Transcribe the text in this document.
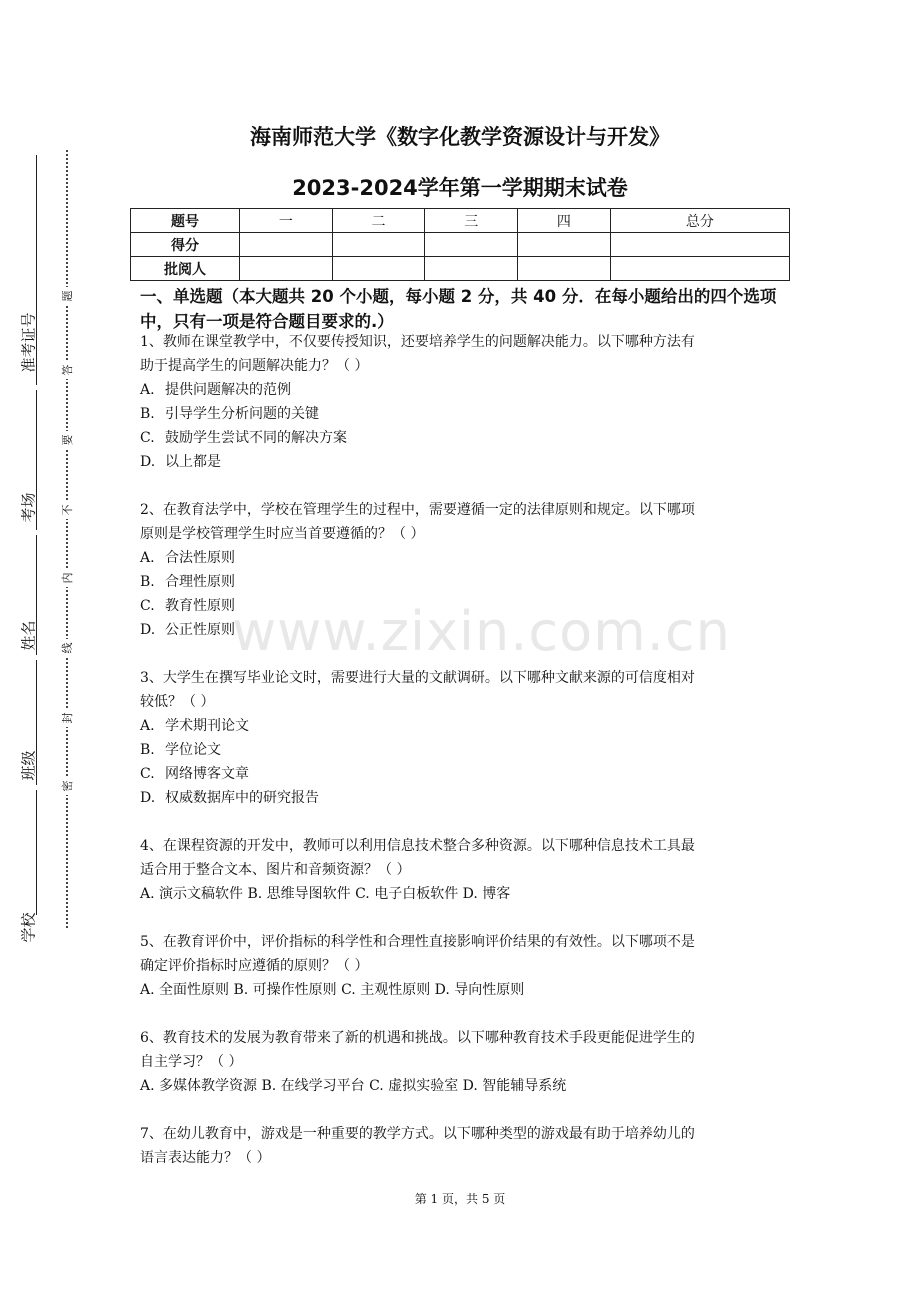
准考证号
考场
姓名
班级
学校
题
答
要
不
内
线
封
密
海南师范大学《数字化教学资源设计与开发》
2023-2024学年第一学期期末试卷
题号	一	二	三	四	总分
得分					
批阅人					
一、单选题（本大题共 20 个小题，每小题 2 分，共 40 分．在每小题给出的四个选项中，只有一项是符合题目要求的.）

1、教师在课堂教学中，不仅要传授知识，还要培养学生的问题解决能力。以下哪种方法有

助于提高学生的问题解决能力？（ ）

A. 提供问题解决的范例

B. 引导学生分析问题的关键

C. 鼓励学生尝试不同的解决方案

D. 以上都是

2、在教育法学中，学校在管理学生的过程中，需要遵循一定的法律原则和规定。以下哪项

原则是学校管理学生时应当首要遵循的？（ ）

A. 合法性原则

B. 合理性原则

C. 教育性原则

D. 公正性原则

3、大学生在撰写毕业论文时，需要进行大量的文献调研。以下哪种文献来源的可信度相对

较低？（ ）

A. 学术期刊论文

B. 学位论文

C. 网络博客文章

D. 权威数据库中的研究报告

4、在课程资源的开发中，教师可以利用信息技术整合多种资源。以下哪种信息技术工具最

适合用于整合文本、图片和音频资源？（ ）

A. 演示文稿软件 B. 思维导图软件 C. 电子白板软件 D. 博客

5、在教育评价中，评价指标的科学性和合理性直接影响评价结果的有效性。以下哪项不是

确定评价指标时应遵循的原则？（ ）

A. 全面性原则 B. 可操作性原则 C. 主观性原则 D. 导向性原则

6、教育技术的发展为教育带来了新的机遇和挑战。以下哪种教育技术手段更能促进学生的

自主学习？（ ）

A. 多媒体教学资源 B. 在线学习平台 C. 虚拟实验室 D. 智能辅导系统

7、在幼儿教育中，游戏是一种重要的教学方式。以下哪种类型的游戏最有助于培养幼儿的

语言表达能力？（ ）

www.zixin.com.cn
第 1 页，共 5 页
